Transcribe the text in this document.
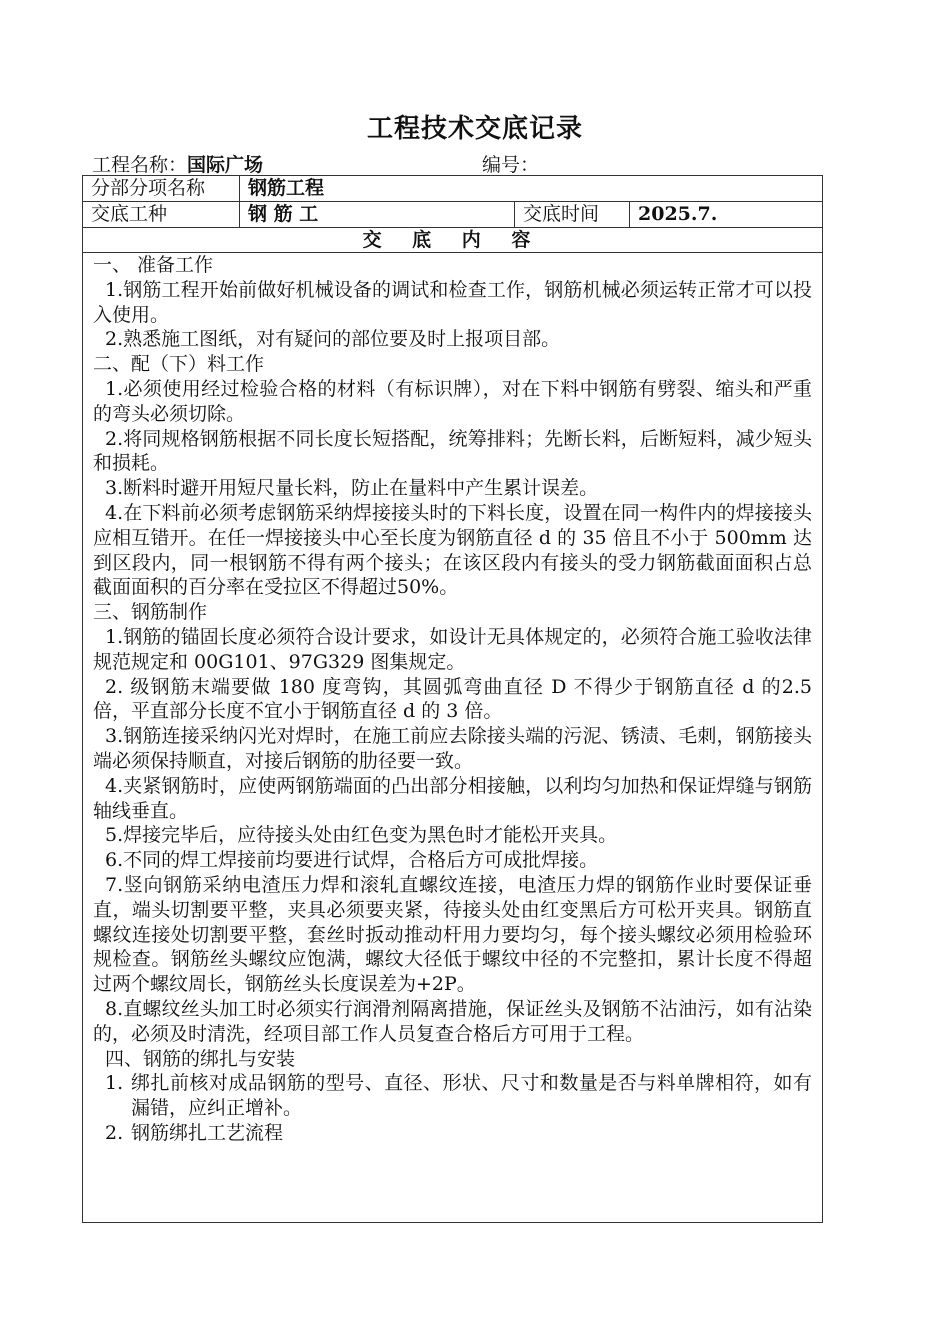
工程技术交底记录
工程名称：国际广场	编号：
分部分项名称	钢筋工程
交底工种	钢 筋 工	交底时间	2025.7.
交 底 内 容

一、 准备工作

1.钢筋工程开始前做好机械设备的调试和检查工作，钢筋机械必须运转正常才可以投入使用。

2.熟悉施工图纸，对有疑问的部位要及时上报项目部。

二、配（下）料工作

1.必须使用经过检验合格的材料（有标识牌），对在下料中钢筋有劈裂、缩头和严重的弯头必须切除。

2.将同规格钢筋根据不同长度长短搭配，统筹排料；先断长料，后断短料，减少短头和损耗。

3.断料时避开用短尺量长料，防止在量料中产生累计误差。

4.在下料前必须考虑钢筋采纳焊接接头时的下料长度，设置在同一构件内的焊接接头应相互错开。在任一焊接接头中心至长度为钢筋直径 d 的 35 倍且不小于 500mm 达到区段内，同一根钢筋不得有两个接头；在该区段内有接头的受力钢筋截面面积占总截面面积的百分率在受拉区不得超过50%。

三、钢筋制作

1.钢筋的锚固长度必须符合设计要求，如设计无具体规定的，必须符合施工验收法律规范规定和 00G101、97G329 图集规定。

2. 级钢筋末端要做 180 度弯钩，其圆弧弯曲直径 D 不得少于钢筋直径 d 的2.5 倍，平直部分长度不宜小于钢筋直径 d 的 3 倍。

3.钢筋连接采纳闪光对焊时，在施工前应去除接头端的污泥、锈渍、毛刺，钢筋接头端必须保持顺直，对接后钢筋的肋径要一致。

4.夹紧钢筋时，应使两钢筋端面的凸出部分相接触，以利均匀加热和保证焊缝与钢筋轴线垂直。

5.焊接完毕后，应待接头处由红色变为黑色时才能松开夹具。

6.不同的焊工焊接前均要进行试焊，合格后方可成批焊接。

7.竖向钢筋采纳电渣压力焊和滚轧直螺纹连接，电渣压力焊的钢筋作业时要保证垂直，端头切割要平整，夹具必须要夹紧，待接头处由红变黑后方可松开夹具。钢筋直螺纹连接处切割要平整，套丝时扳动推动杆用力要均匀，每个接头螺纹必须用检验环规检查。钢筋丝头螺纹应饱满，螺纹大径低于螺纹中径的不完整扣，累计长度不得超过两个螺纹周长，钢筋丝头长度误差为+2P。

8.直螺纹丝头加工时必须实行润滑剂隔离措施，保证丝头及钢筋不沾油污，如有沾染的，必须及时清洗，经项目部工作人员复查合格后方可用于工程。

四、钢筋的绑扎与安装

1. 绑扎前核对成品钢筋的型号、直径、形状、尺寸和数量是否与料单牌相符，如有漏错，应纠正增补。
2. 钢筋绑扎工艺流程
